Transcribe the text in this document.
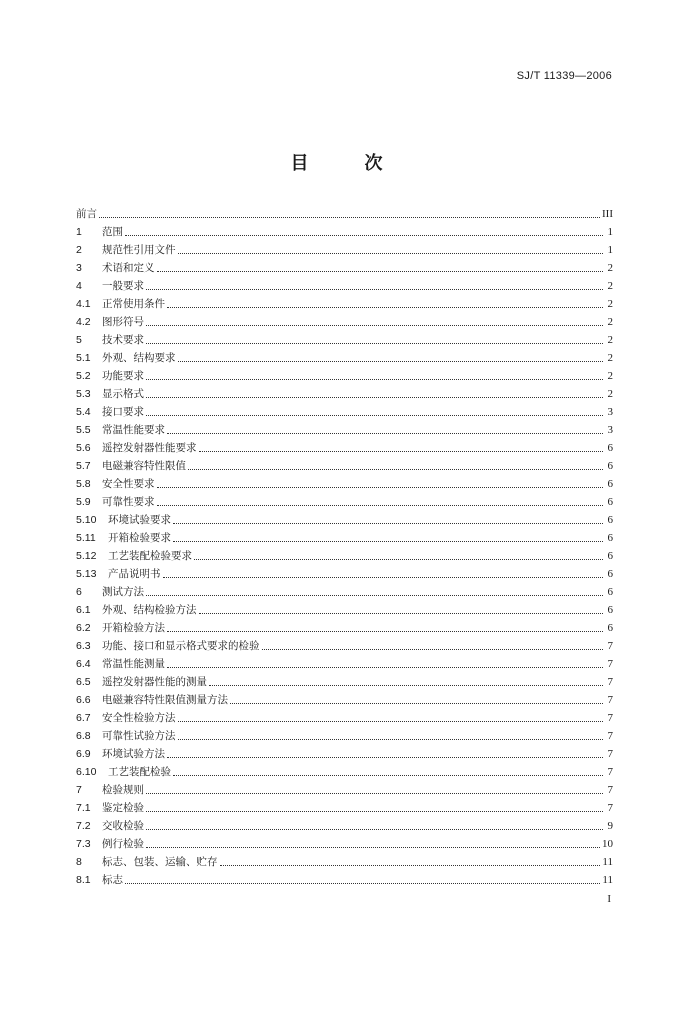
SJ/T 11339—2006
目次
前言	III
1	范围	1
2	规范性引用文件	1
3	术语和定义	2
4	一般要求	2
4.1	正常使用条件	2
4.2	图形符号	2
5	技术要求	2
5.1	外观、结构要求	2
5.2	功能要求	2
5.3	显示格式	2
5.4	接口要求	3
5.5	常温性能要求	3
5.6	遥控发射器性能要求	6
5.7	电磁兼容特性限值	6
5.8	安全性要求	6
5.9	可靠性要求	6
5.10	环境试验要求	6
5.11	开箱检验要求	6
5.12	工艺装配检验要求	6
5.13	产品说明书	6
6	测试方法	6
6.1	外观、结构检验方法	6
6.2	开箱检验方法	6
6.3	功能、接口和显示格式要求的检验	7
6.4	常温性能测量	7
6.5	遥控发射器性能的测量	7
6.6	电磁兼容特性限值测量方法	7
6.7	安全性检验方法	7
6.8	可靠性试验方法	7
6.9	环境试验方法	7
6.10	工艺装配检验	7
7	检验规则	7
7.1	鉴定检验	7
7.2	交收检验	9
7.3	例行检验	10
8	标志、包装、运输、贮存	11
8.1	标志	11
I
